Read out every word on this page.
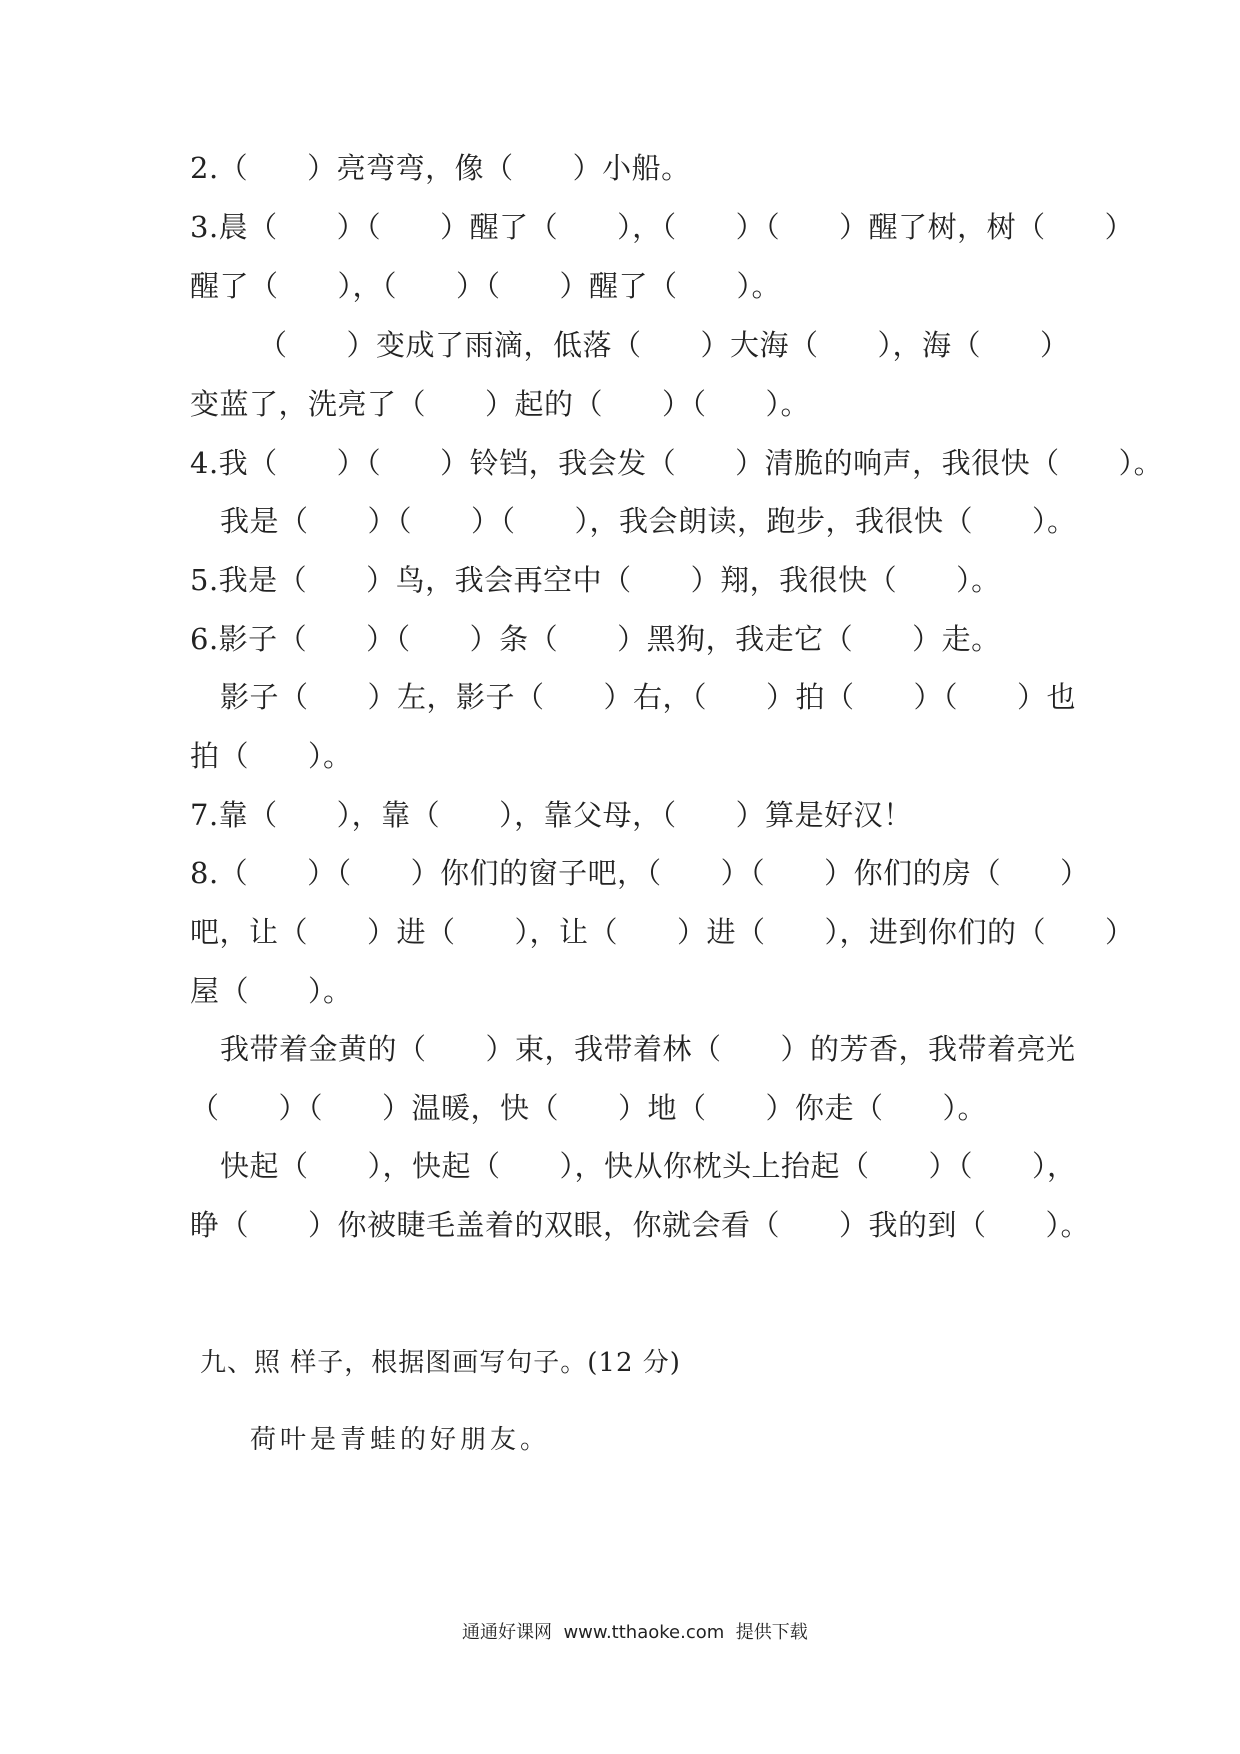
2.（　　）亮弯弯，像（　　）小船。
3.晨（　　）（　　）醒了（　　），（　　）（　　）醒了树，树（　　）
醒了（　　），（　　）（　　）醒了（　　）。
（　　）变成了雨滴，低落（　　）大海（　　），海（　　）
变蓝了，洗亮了（　　）起的（　　）（　　）。
4.我（　　）（　　）铃铛，我会发（　　）清脆的响声，我很快（　　）。
我是（　　）（　　）（　　），我会朗读，跑步，我很快（　　）。
5.我是（　　）鸟，我会再空中（　　）翔，我很快（　　）。
6.影子（　　）（　　）条（　　）黑狗，我走它（　　）走。
影子（　　）左，影子（　　）右，（　　）拍（　　）（　　）也
拍（　　）。
7.靠（　　），靠（　　），靠父母，（　　）算是好汉！
8.（　　）（　　）你们的窗子吧，（　　）（　　）你们的房（　　）
吧，让（　　）进（　　），让（　　）进（　　），进到你们的（　　）
屋（　　）。
我带着金黄的（　　）束，我带着林（　　）的芳香，我带着亮光
（　　）（　　）温暖，快（　　）地（　　）你走（　　）。
快起（　　），快起（　　），快从你枕头上抬起（　　）（　　），
睁（　　）你被睫毛盖着的双眼，你就会看（　　）我的到（　　）。
九、照 样子，根据图画写句子。(12 分)
荷叶是青蛙的好朋友。
通通好课网  www.tthaoke.com  提供下载
